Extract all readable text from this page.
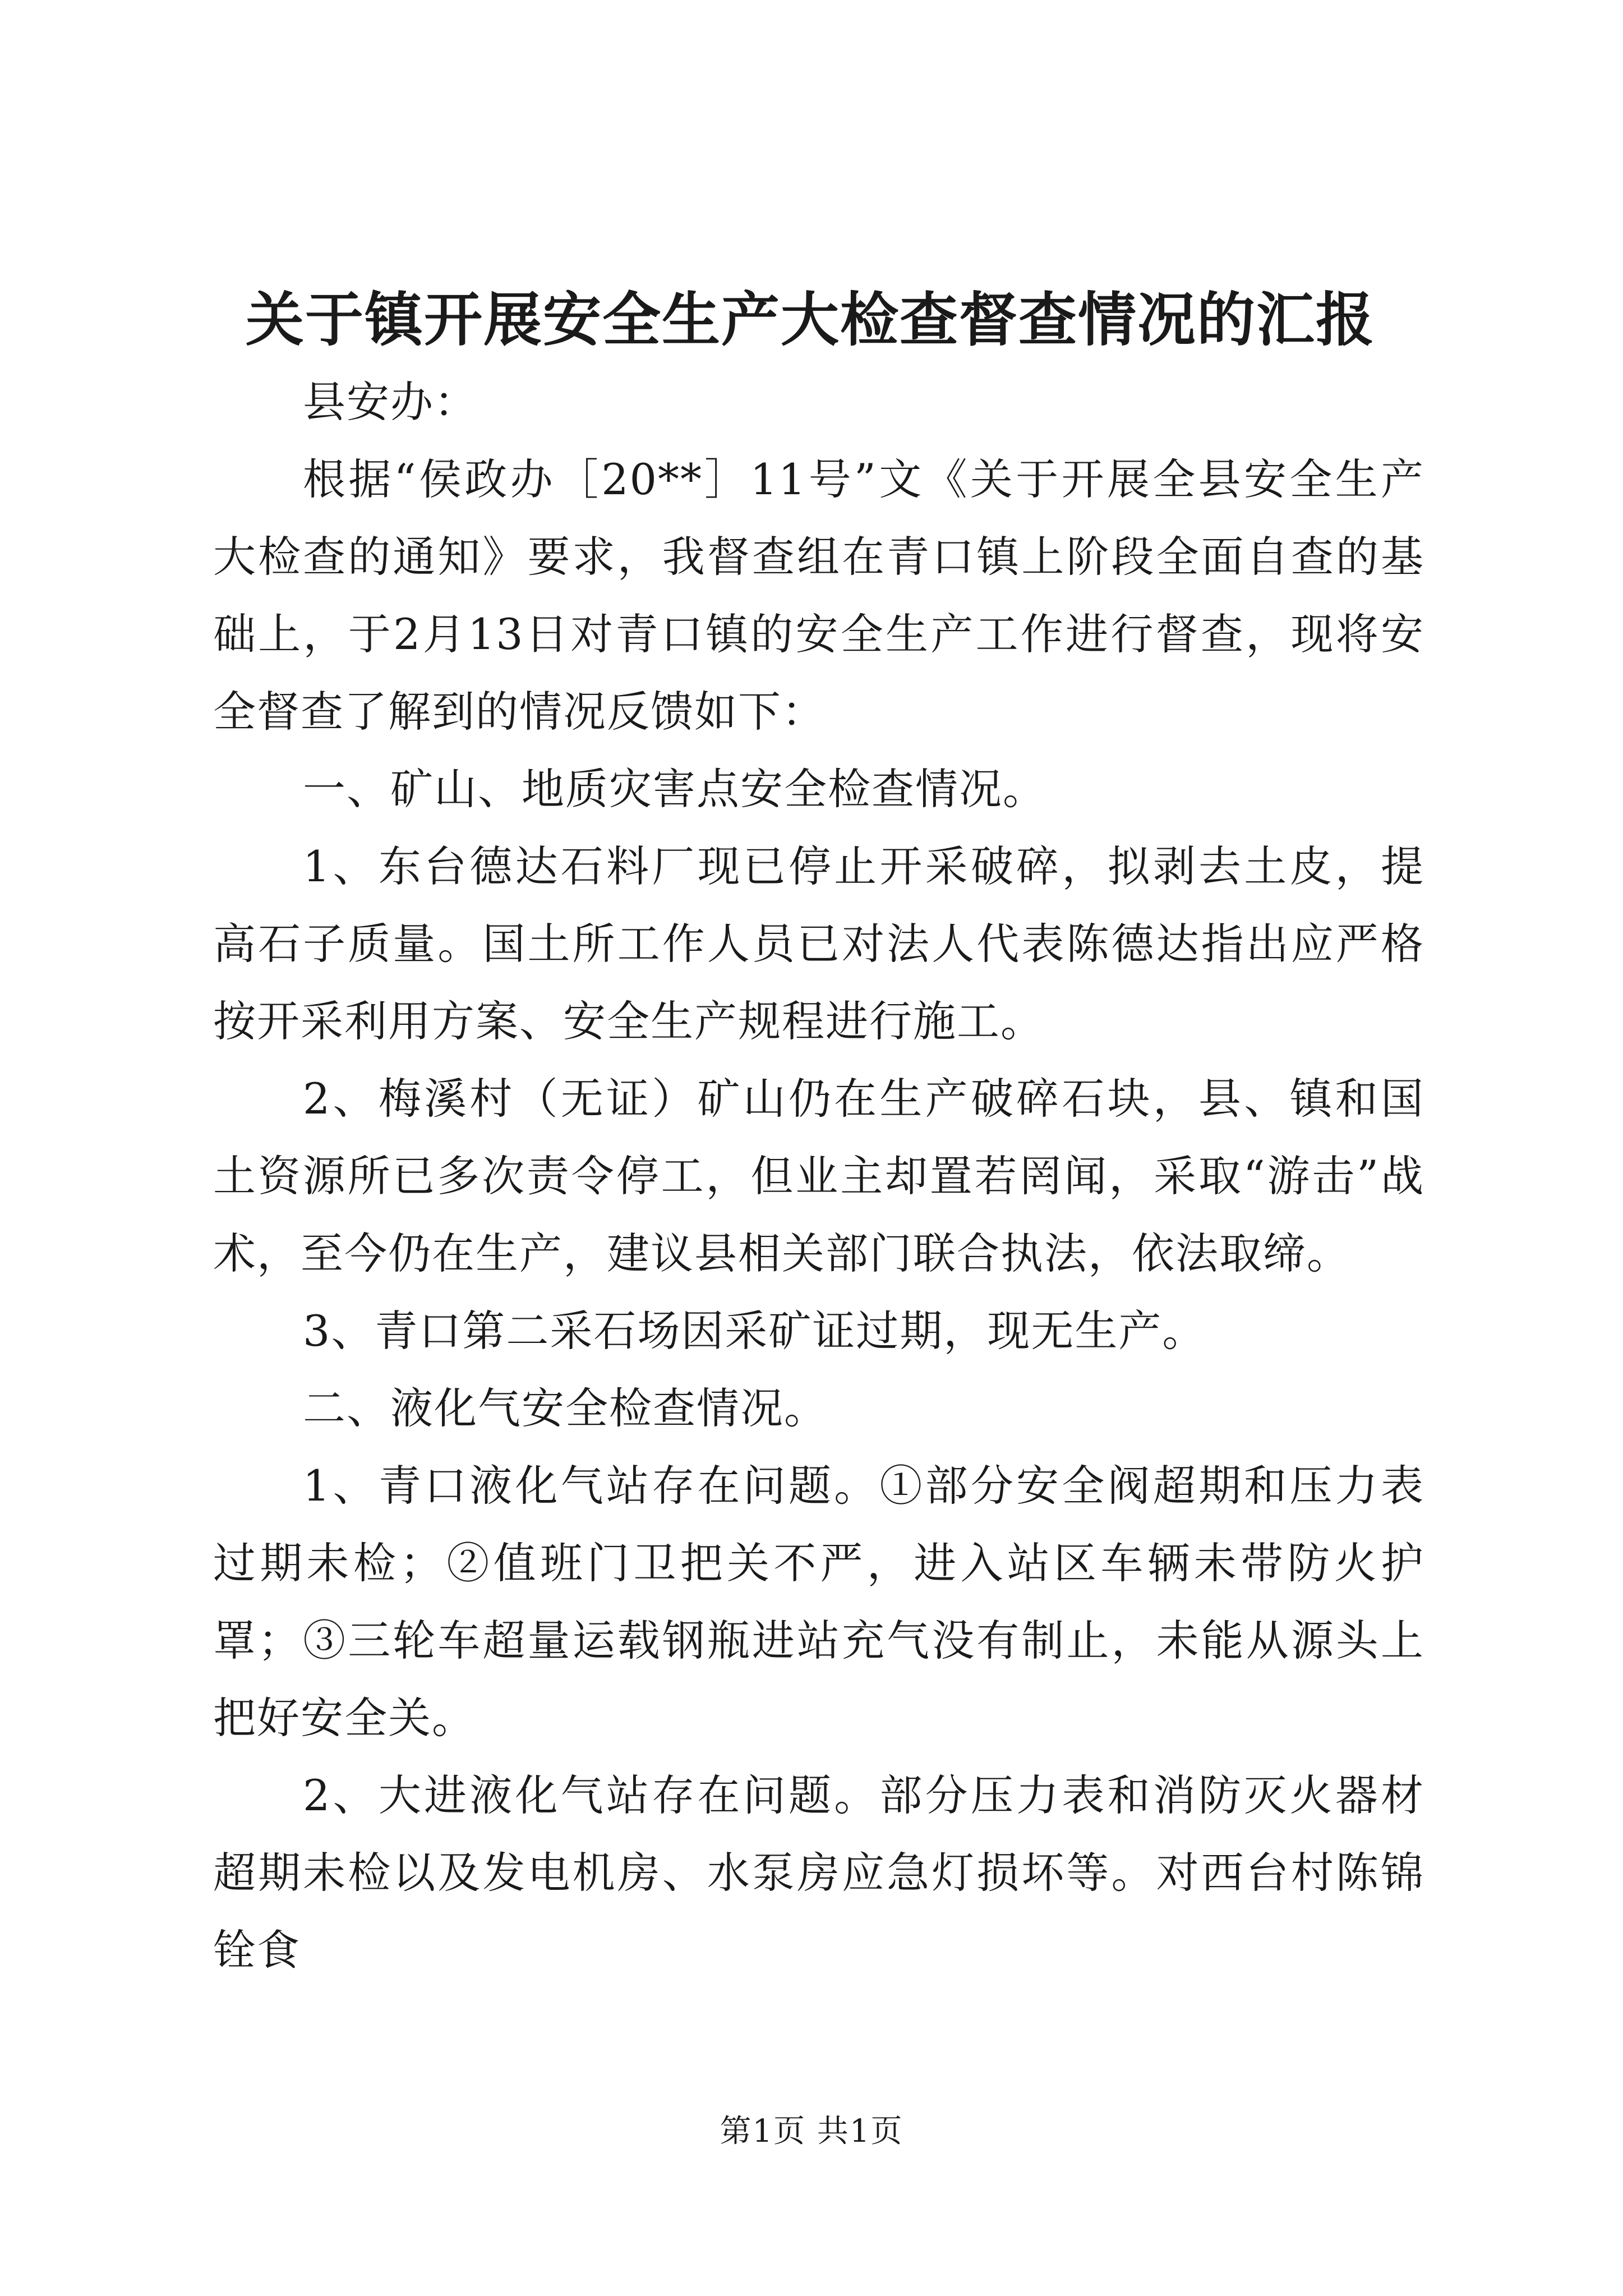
关于镇开展安全生产大检查督查情况的汇报

县安办：

根据“侯政办［20**］11号”文《关于开展全县安全生产大检查的通知》要求，我督查组在青口镇上阶段全面自查的基础上，于2月13日对青口镇的安全生产工作进行督查，现将安全督查了解到的情况反馈如下：

一、矿山、地质灾害点安全检查情况。

1、东台德达石料厂现已停止开采破碎，拟剥去土皮，提高石子质量。国土所工作人员已对法人代表陈德达指出应严格按开采利用方案、安全生产规程进行施工。

2、梅溪村（无证）矿山仍在生产破碎石块，县、镇和国土资源所已多次责令停工，但业主却置若罔闻，采取“游击”战术，至今仍在生产，建议县相关部门联合执法，依法取缔。

3、青口第二采石场因采矿证过期，现无生产。

二、液化气安全检查情况。

1、青口液化气站存在问题。①部分安全阀超期和压力表过期未检；②值班门卫把关不严，进入站区车辆未带防火护罩；③三轮车超量运载钢瓶进站充气没有制止，未能从源头上把好安全关。

2、大进液化气站存在问题。部分压力表和消防灭火器材超期未检以及发电机房、水泵房应急灯损坏等。对西台村陈锦铨食

第1页 共1页
